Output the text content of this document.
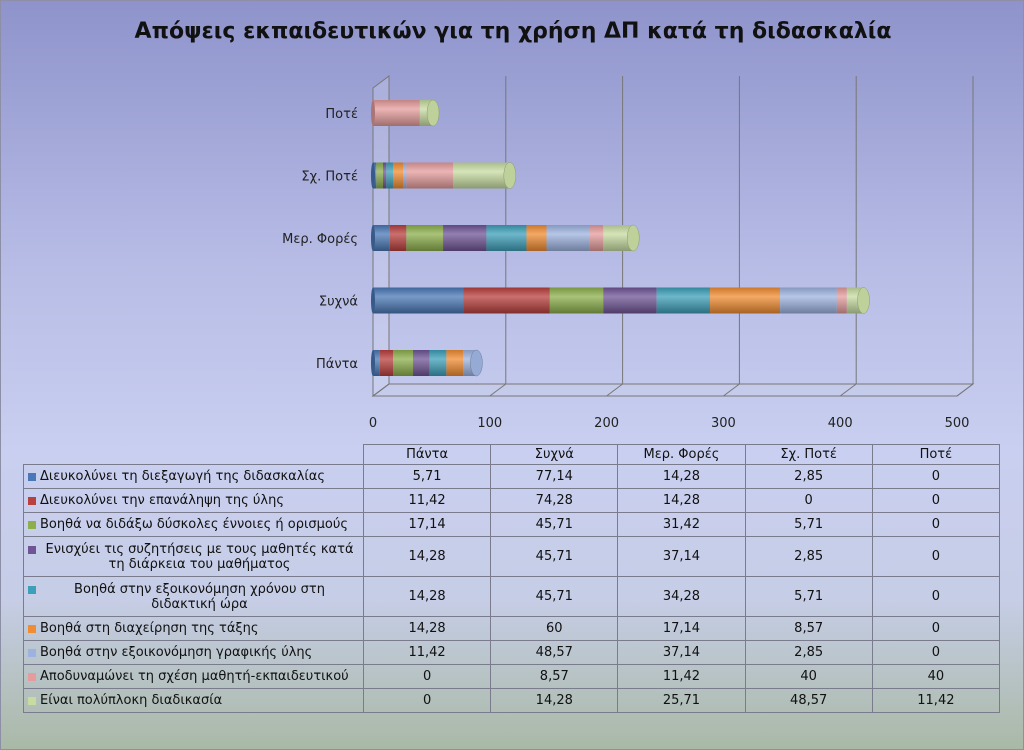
Απόψεις εκπαιδευτικών για τη χρήση ΔΠ κατά τη διδασκαλία
0	100	200	300	400	500
Πάντα
Συχνά
Μερ. Φορές
Σχ. Ποτέ
Ποτέ
	Πάντα	Συχνά	Μερ. Φορές	Σχ. Ποτέ	Ποτέ

Διευκολύνει τη διεξαγωγή της διδασκαλίας	5,71	77,14	14,28	2,85	0

Διευκολύνει την επανάληψη της ύλης	11,42	74,28	14,28	0	0

Βοηθά να διδάξω δύσκολες έννοιες ή ορισμούς	17,14	45,71	31,42	5,71	0

Ενισχύει τις συζητήσεις με τους μαθητές κατά τη διάρκεια του μαθήματος	14,28	45,71	37,14	2,85	0

Βοηθά στην εξοικονόμηση χρόνου στη διδακτική ώρα	14,28	45,71	34,28	5,71	0

Βοηθά στη διαχείρηση της τάξης	14,28	60	17,14	8,57	0

Βοηθά στην εξοικονόμηση γραφικής ύλης	11,42	48,57	37,14	2,85	0

Αποδυναμώνει τη σχέση μαθητή-εκπαιδευτικού	0	8,57	11,42	40	40

Είναι πολύπλοκη διαδικασία	0	14,28	25,71	48,57	11,42
